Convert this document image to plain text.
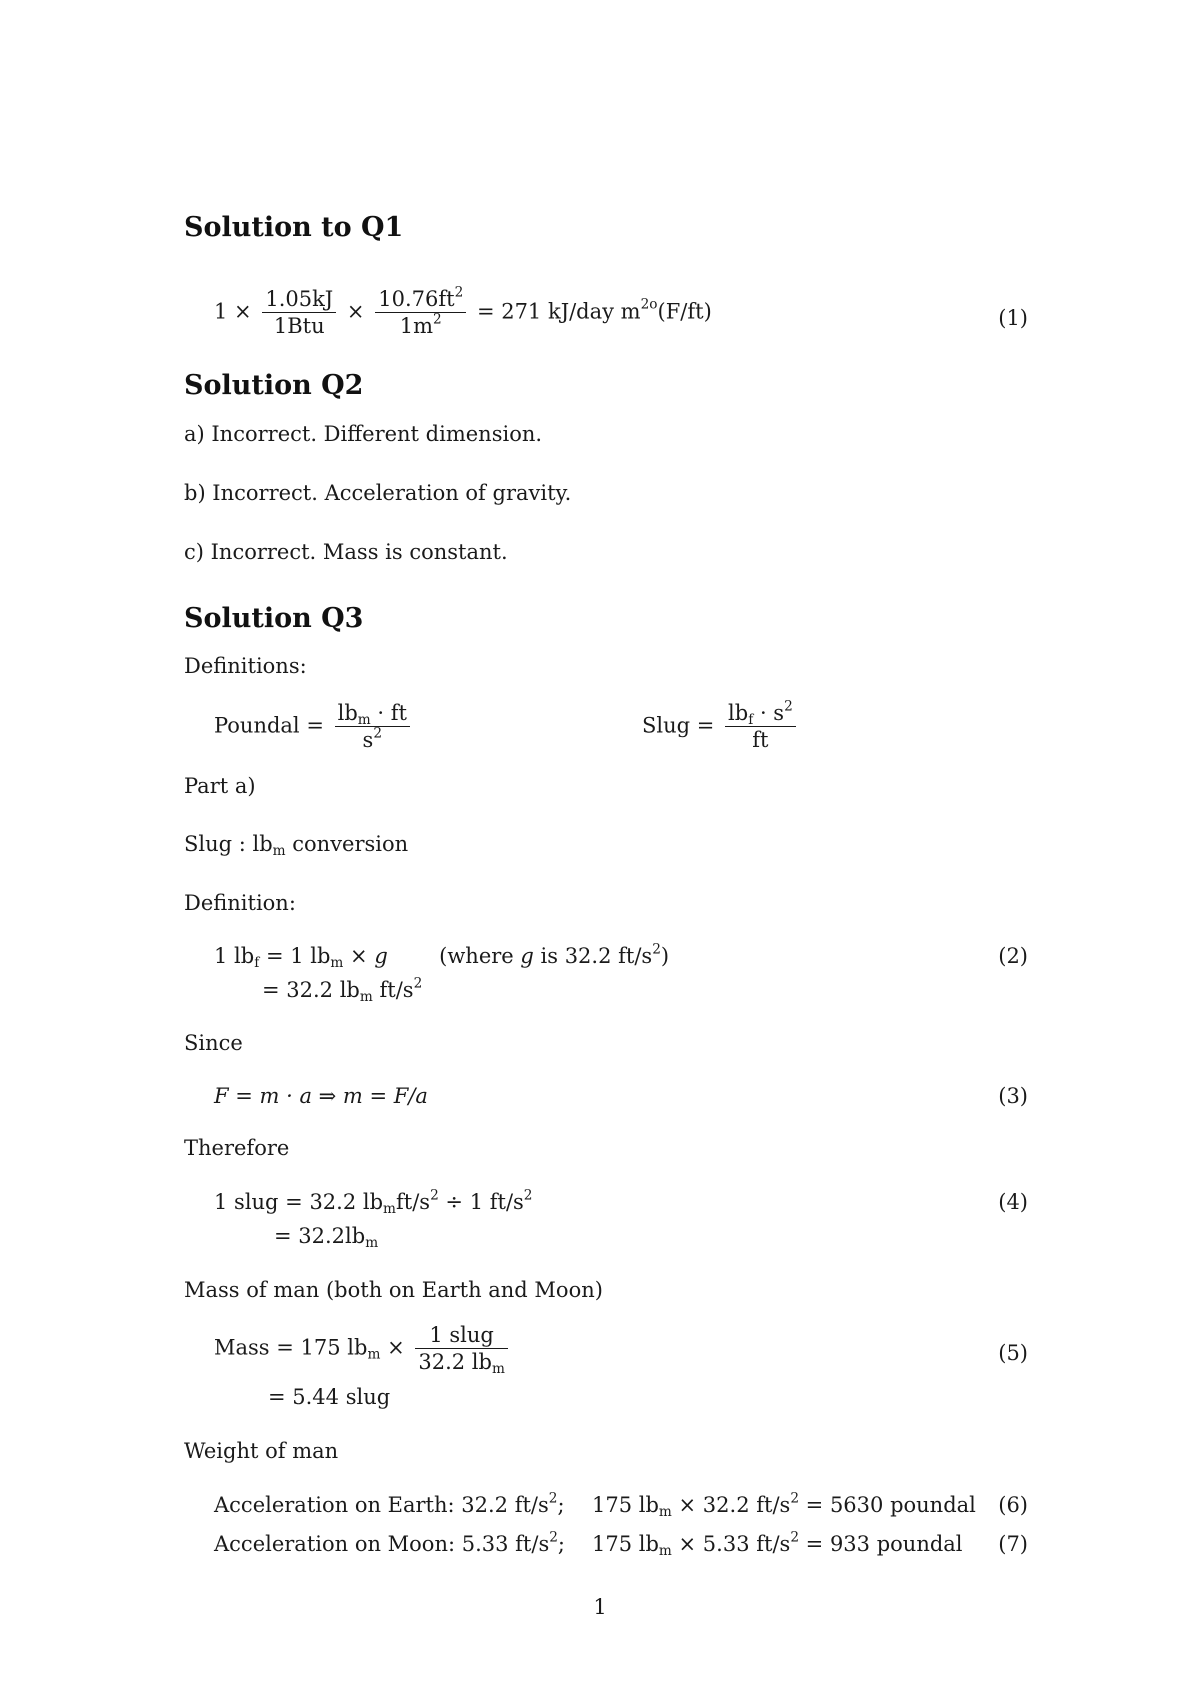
Solution to Q1
$1 \times \frac{1.05kJ}{\text{1Btu}} \times \frac{10.76ft^2}{1m^2} = 271$ kJ/day $m^{2o}(F/ft)$	(1)
Solution Q2

a) Incorrect. Different dimension.

b) Incorrect. Acceleration of gravity.

c) Incorrect. Mass is constant.

Solution Q3

Definitions:

Poundal = $\frac{lb_m \cdot ft}{s^2}$	Slug = $\frac{lb_f \cdot s^2}{ft}$

Part a)

Slug : $lb_m$ conversion

Definition:

1 $lb_f = 1$ $lb_m \times g$  (where g is 32.2 $ft/s^2$)
= 32.2 $lb_m$ $ft/s^2$
(2)

Since

F = m · a ⇒ m = F/a	(3)

Therefore

1 slug = 32.2 $lb_mft/s^2 \div 1$ $ft/s^2$
= $32.2lb_m$
(4)

Mass of man (both on Earth and Moon)

Mass = 175 $lb_m \times \frac{\text{1 slug}}{32.2 lb_m}$
= 5.44 slug
(5)

Weight of man

Acceleration on Earth: 32.2 $ft/s^2$; 175 $lb_m \times 32.2$ $ft/s^2 = 5630$ poundal (6)
Acceleration on Moon: 5.33 $ft/s^2$; 175 $lb_m \times 5.33$ $ft/s^2 = 933$ poundal (7)
1
